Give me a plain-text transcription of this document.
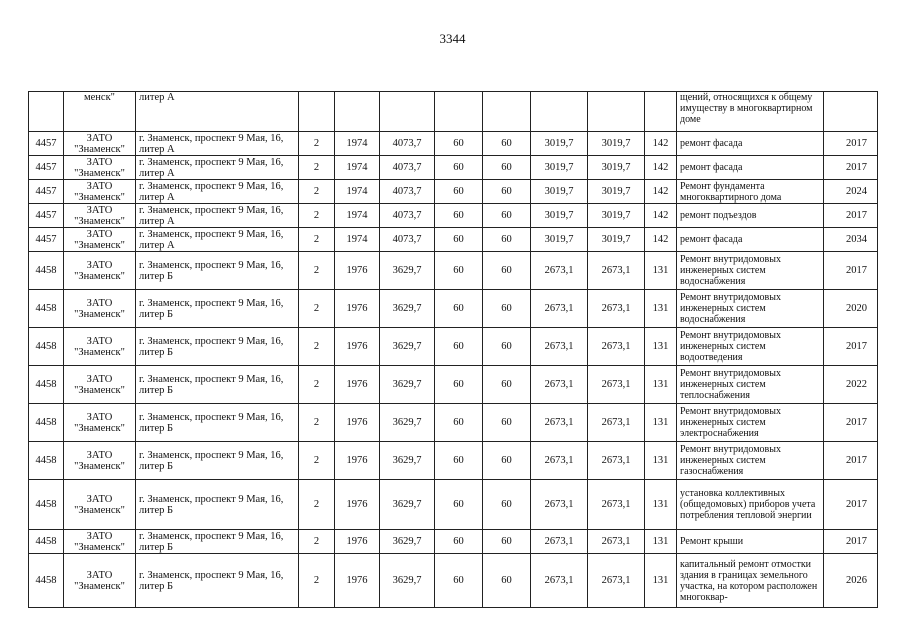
3344
	менск"	литер А									щений, относящихся к общему имуществу в многоквартирном доме	
4457	ЗАТО "Знаменск"	г. Знаменск, проспект 9 Мая, 16, литер А	2	1974	4073,7	60	60	3019,7	3019,7	142	ремонт фасада	2017
4457	ЗАТО "Знаменск"	г. Знаменск, проспект 9 Мая, 16, литер А	2	1974	4073,7	60	60	3019,7	3019,7	142	ремонт фасада	2017
4457	ЗАТО "Знаменск"	г. Знаменск, проспект 9 Мая, 16, литер А	2	1974	4073,7	60	60	3019,7	3019,7	142	Ремонт фундамента многоквартирного дома	2024
4457	ЗАТО "Знаменск"	г. Знаменск, проспект 9 Мая, 16, литер А	2	1974	4073,7	60	60	3019,7	3019,7	142	ремонт подъездов	2017
4457	ЗАТО "Знаменск"	г. Знаменск, проспект 9 Мая, 16, литер А	2	1974	4073,7	60	60	3019,7	3019,7	142	ремонт фасада	2034
4458	ЗАТО "Знаменск"	г. Знаменск, проспект 9 Мая, 16, литер Б	2	1976	3629,7	60	60	2673,1	2673,1	131	Ремонт внутридомовых инженерных систем водоснабжения	2017
4458	ЗАТО "Знаменск"	г. Знаменск, проспект 9 Мая, 16, литер Б	2	1976	3629,7	60	60	2673,1	2673,1	131	Ремонт внутридомовых инженерных систем водоснабжения	2020
4458	ЗАТО "Знаменск"	г. Знаменск, проспект 9 Мая, 16, литер Б	2	1976	3629,7	60	60	2673,1	2673,1	131	Ремонт внутридомовых инженерных систем водоотведения	2017
4458	ЗАТО "Знаменск"	г. Знаменск, проспект 9 Мая, 16, литер Б	2	1976	3629,7	60	60	2673,1	2673,1	131	Ремонт внутридомовых инженерных систем теплоснабжения	2022
4458	ЗАТО "Знаменск"	г. Знаменск, проспект 9 Мая, 16, литер Б	2	1976	3629,7	60	60	2673,1	2673,1	131	Ремонт внутридомовых инженерных систем электроснабжения	2017
4458	ЗАТО "Знаменск"	г. Знаменск, проспект 9 Мая, 16, литер Б	2	1976	3629,7	60	60	2673,1	2673,1	131	Ремонт внутридомовых инженерных систем газоснабжения	2017
4458	ЗАТО "Знаменск"	г. Знаменск, проспект 9 Мая, 16, литер Б	2	1976	3629,7	60	60	2673,1	2673,1	131	установка коллективных (общедомовых) приборов учета потребления тепловой энергии	2017
4458	ЗАТО "Знаменск"	г. Знаменск, проспект 9 Мая, 16, литер Б	2	1976	3629,7	60	60	2673,1	2673,1	131	Ремонт крыши	2017
4458	ЗАТО "Знаменск"	г. Знаменск, проспект 9 Мая, 16, литер Б	2	1976	3629,7	60	60	2673,1	2673,1	131	капитальный ремонт отмостки здания в границах земельного участка, на котором расположен многоквар-	2026
